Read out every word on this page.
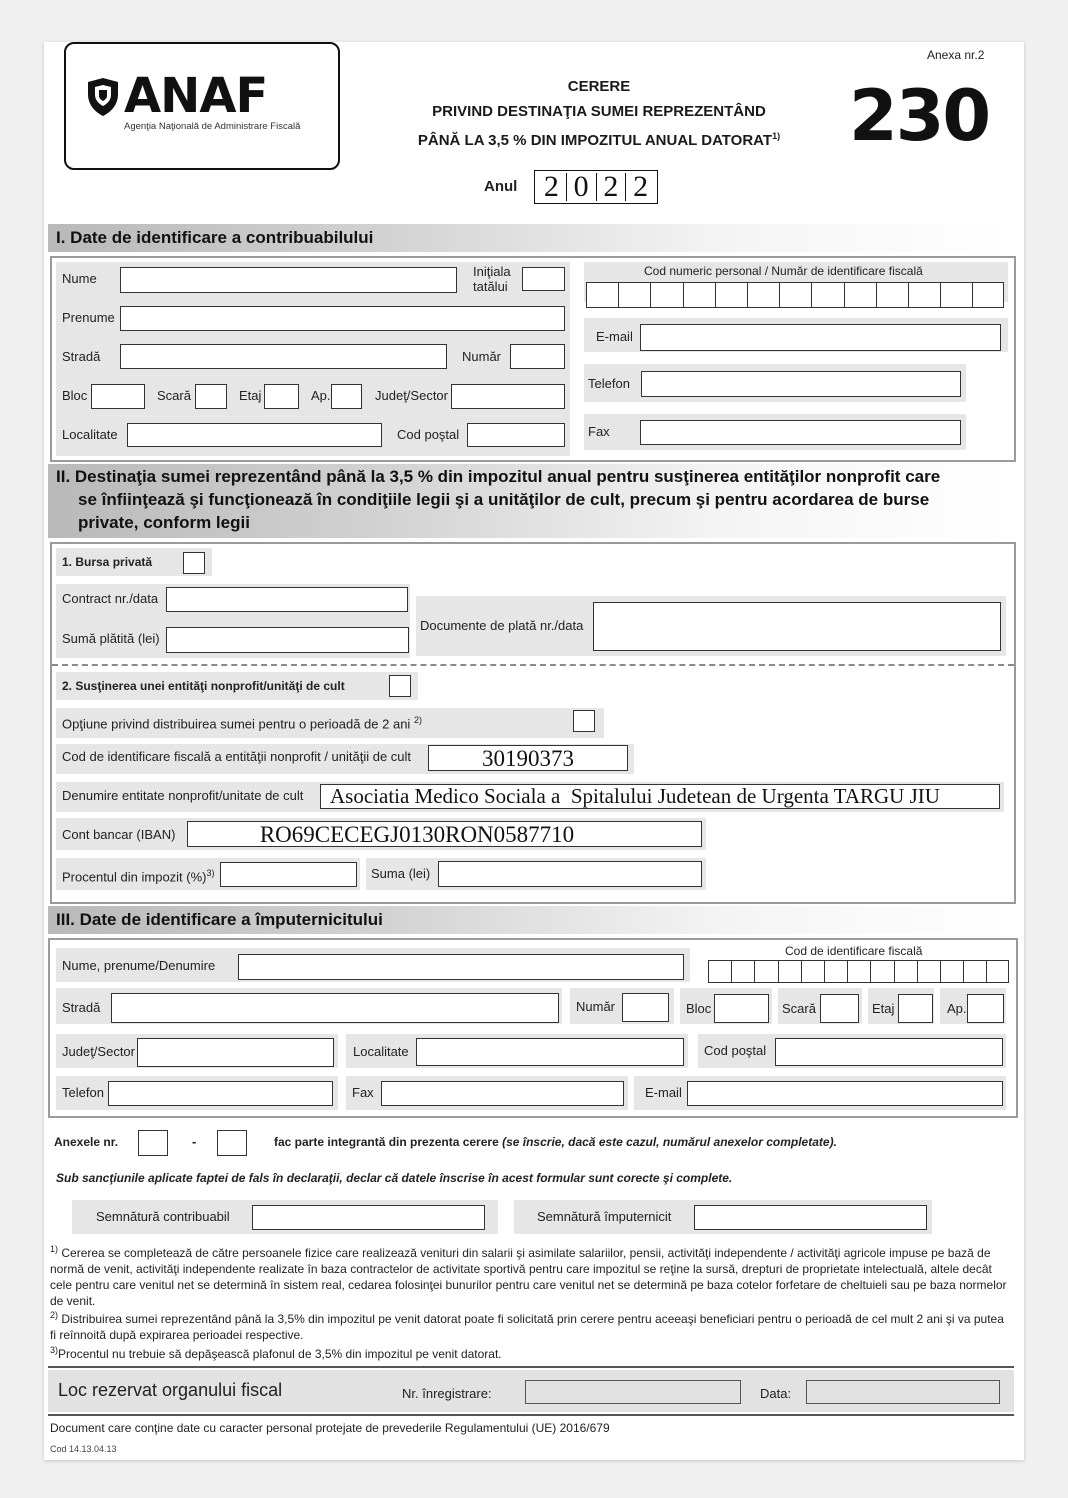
ANAF
Agenţia Naţională de Administrare Fiscală
Anexa nr.2
CERERE
PRIVIND DESTINAŢIA SUMEI REPREZENTÂND
PÂNĂ LA 3,5 % DIN IMPOZITUL ANUAL DATORAT$^{1)}$ 230
Anul 2 0 2 2
I. Date de identificare a contribuabilului
Nume	Iniţiala
tatălui
Cod numeric personal / Număr de identificare fiscală
Prenume
E-mail
Stradă	Număr
Telefon
Bloc	Scară	Etaj	Ap.	Judeţ/Sector
Fax
Localitate	Cod poştal
II. Destinaţia sumei reprezentând până la 3,5 % din impozitul anual pentru susţinerea entităţilor nonprofit care
se înfiinţează şi funcţionează în condiţiile legii şi a unităţilor de cult, precum şi pentru acordarea de burse
private, conform legii
1. Bursa privată
Contract nr./data
Sumă plătită (lei)
Documente de plată nr./data
2. Susţinerea unei entităţi nonprofit/unităţi de cult
Opţiune privind distribuirea sumei pentru o perioadă de 2 ani $^{2)}$
Cod de identificare fiscală a entităţii nonprofit / unităţii de cult	30190373
Denumire entitate nonprofit/unitate de cult Asociatia Medico Sociala a  Spitalului Judetean de Urgenta TARGU JIU
Cont bancar (IBAN)	RO69CECEGJ0130RON0587710
Procentul din impozit (%)$^{3)}$	Suma (lei)
III. Date de identificare a împuternicitului
Nume, prenume/Denumire
Cod de identificare fiscală
Stradă	Număr	Bloc	Scară	Etaj	Ap.
Judeţ/Sector	Localitate	Cod poştal
Telefon	Fax	E-mail
Anexele nr.	-	fac parte integrantă din prezenta cerere (se înscrie, dacă este cazul, numărul anexelor completate).
Sub sancţiunile aplicate faptei de fals în declaraţii, declar că datele înscrise în acest formular sunt corecte şi complete.
Semnătură contribuabil	Semnătură împuternicit
$^{1)}$ Cererea se completează de către persoanele fizice care realizează venituri din salarii şi asimilate salariilor, pensii, activităţi independente / activităţi agricole impuse pe bază de normă de venit, activităţi independente realizate în baza contractelor de activitate sportivă pentru care impozitul se reţine la sursă, drepturi de proprietate intelectuală, altele decât cele pentru care venitul net se determină în sistem real, cedarea folosinţei bunurilor pentru care venitul net se determină pe baza cotelor forfetare de cheltuieli sau pe baza normelor de venit.
$^{2)}$ Distribuirea sumei reprezentând până la 3,5% din impozitul pe venit datorat poate fi solicitată prin cerere pentru aceeaşi beneficiari pentru o perioadă de cel mult 2 ani şi va putea fi reînnoită după expirarea perioadei respective.
$^{3)}$Procentul nu trebuie să depăşească plafonul de 3,5% din impozitul pe venit datorat.
Loc rezervat organului fiscal	Nr. înregistrare:	Data:
Document care conţine date cu caracter personal protejate de prevederile Regulamentului (UE) 2016/679
Cod 14.13.04.13
